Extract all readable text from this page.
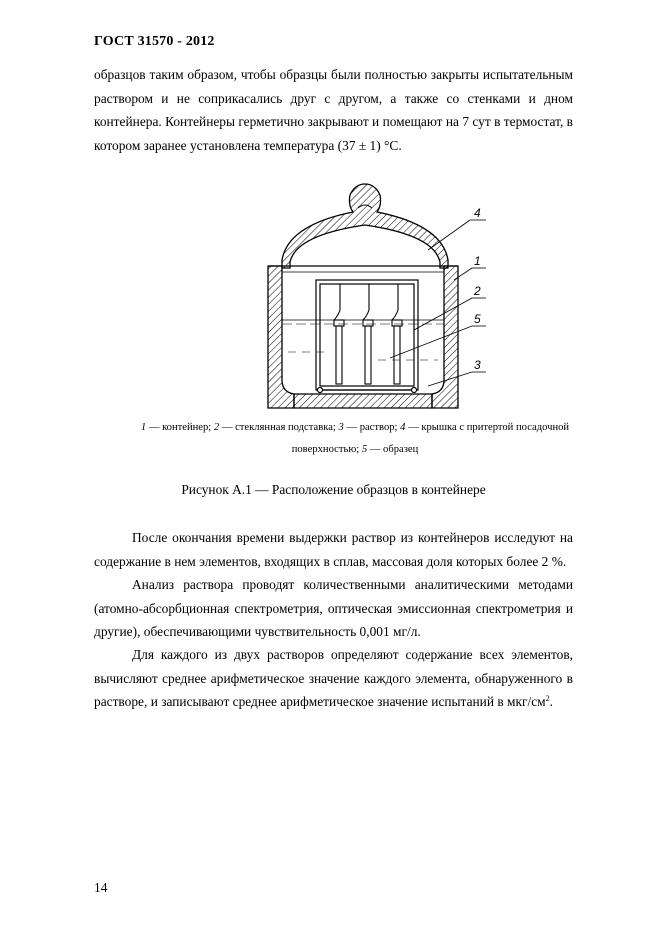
ГОСТ 31570 - 2012

образцов таким образом, чтобы образцы были полностью закрыты испытательным раствором и не соприкасались друг с другом, а также со стенками и дном контейнера. Контейнеры герметично закрывают и помещают на 7 сут в термостат, в котором заранее установлена температура (37 ± 1) °С.

4
1
2
5
3
1 — контейнер; 2 — стеклянная подставка; 3 — раствор; 4 — крышка с притертой посадочной поверхностью; 5 — образец
Рисунок А.1 — Расположение образцов в контейнере

После окончания времени выдержки раствор из контейнеров исследуют на содержание в нем элементов, входящих в сплав, массовая доля которых более 2 %.

Анализ раствора проводят количественными аналитическими методами (атомно-абсорбционная спектрометрия, оптическая эмиссионная спектрометрия и другие), обеспечивающими чувствительность 0,001 мг/л.

Для каждого из двух растворов определяют содержание всех элементов, вычисляют среднее арифметическое значение каждого элемента, обнаруженного в растворе, и записывают среднее арифметическое значение испытаний в мкг/$см^2$.

14
